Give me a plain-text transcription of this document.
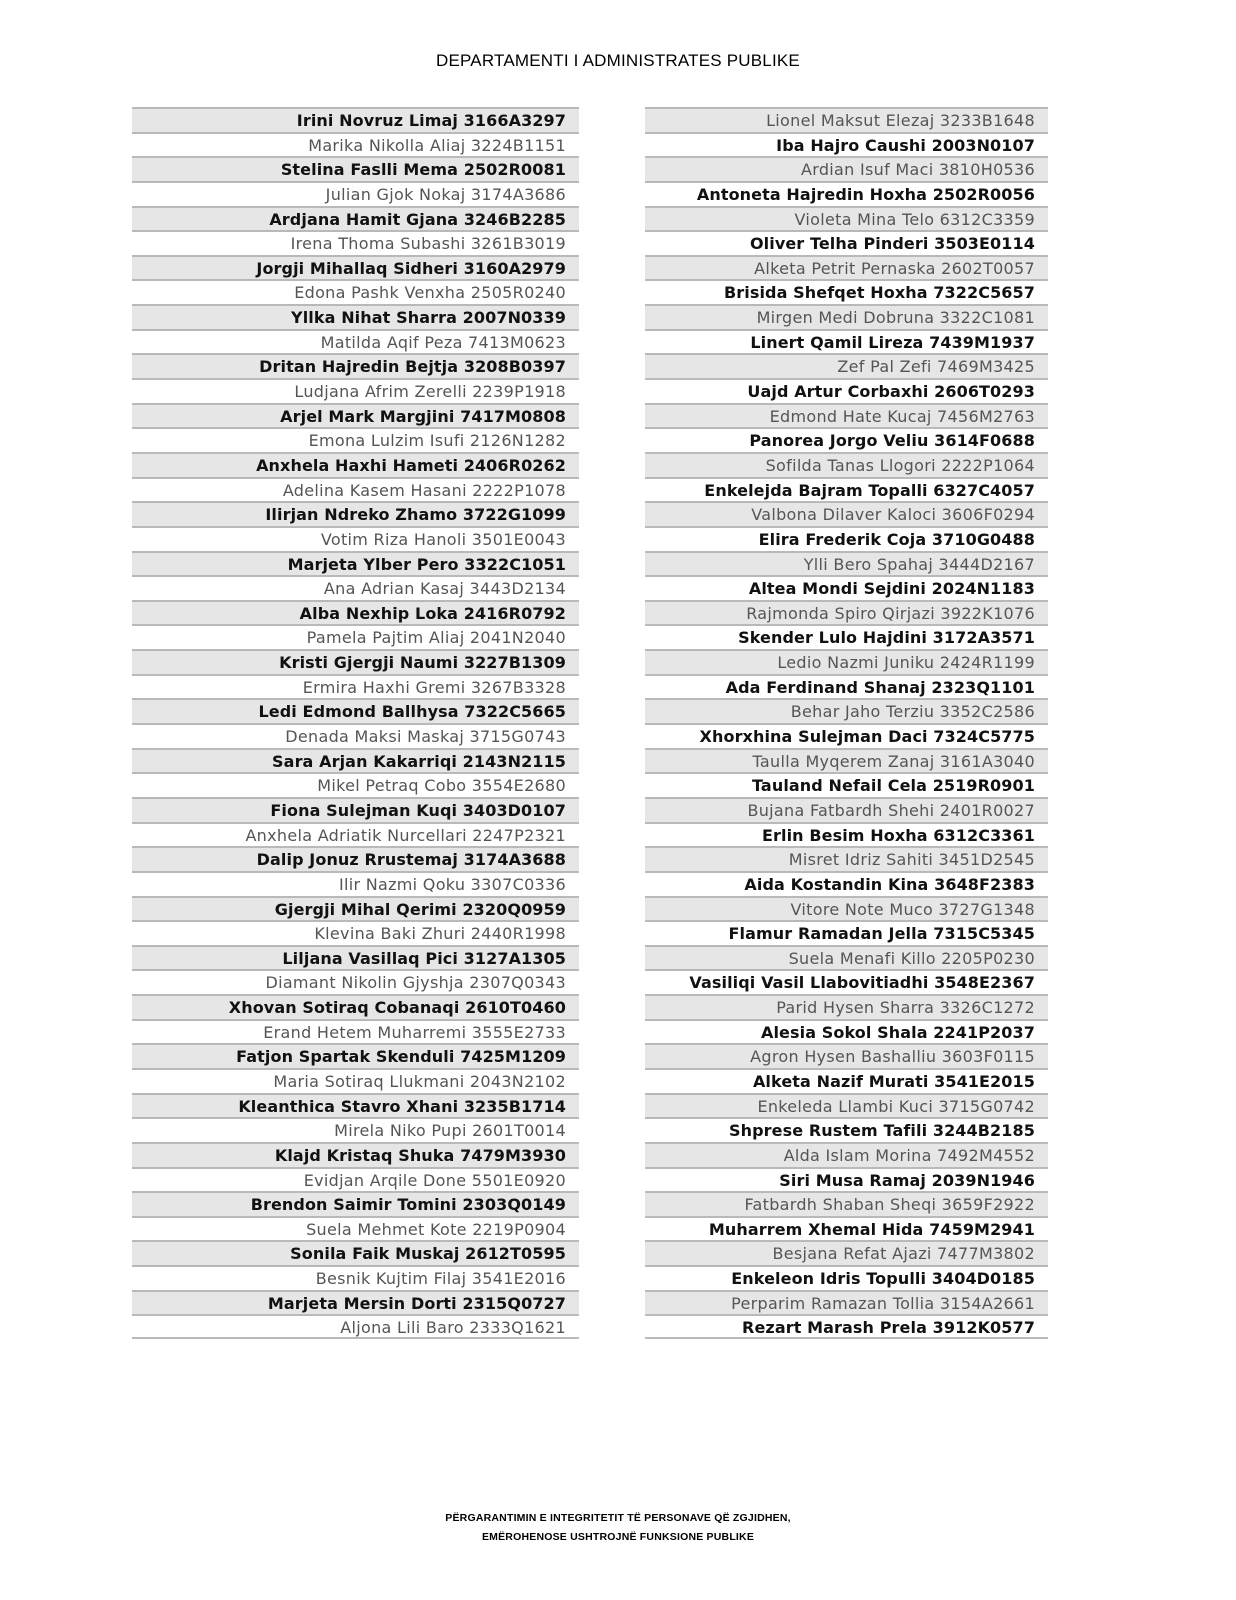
DEPARTAMENTI I ADMINISTRATES PUBLIKE
Irini Novruz Limaj 3166A3297
Marika Nikolla Aliaj 3224B1151
Stelina Faslli Mema 2502R0081
Julian Gjok Nokaj 3174A3686
Ardjana Hamit Gjana 3246B2285
Irena Thoma Subashi 3261B3019
Jorgji Mihallaq Sidheri 3160A2979
Edona Pashk Venxha 2505R0240
Yllka Nihat Sharra 2007N0339
Matilda Aqif Peza 7413M0623
Dritan Hajredin Bejtja 3208B0397
Ludjana Afrim Zerelli 2239P1918
Arjel Mark Margjini 7417M0808
Emona Lulzim Isufi 2126N1282
Anxhela Haxhi Hameti 2406R0262
Adelina Kasem Hasani 2222P1078
Ilirjan Ndreko Zhamo 3722G1099
Votim Riza Hanoli 3501E0043
Marjeta Ylber Pero 3322C1051
Ana Adrian Kasaj 3443D2134
Alba Nexhip Loka 2416R0792
Pamela Pajtim Aliaj 2041N2040
Kristi Gjergji Naumi 3227B1309
Ermira Haxhi Gremi 3267B3328
Ledi Edmond Ballhysa 7322C5665
Denada Maksi Maskaj 3715G0743
Sara Arjan Kakarriqi 2143N2115
Mikel Petraq Cobo 3554E2680
Fiona Sulejman Kuqi 3403D0107
Anxhela Adriatik Nurcellari 2247P2321
Dalip Jonuz Rrustemaj 3174A3688
Ilir Nazmi Qoku 3307C0336
Gjergji Mihal Qerimi 2320Q0959
Klevina Baki Zhuri 2440R1998
Liljana Vasillaq Pici 3127A1305
Diamant Nikolin Gjyshja 2307Q0343
Xhovan Sotiraq Cobanaqi 2610T0460
Erand Hetem Muharremi 3555E2733
Fatjon Spartak Skenduli 7425M1209
Maria Sotiraq Llukmani 2043N2102
Kleanthica Stavro Xhani 3235B1714
Mirela Niko Pupi 2601T0014
Klajd Kristaq Shuka 7479M3930
Evidjan Arqile Done 5501E0920
Brendon Saimir Tomini 2303Q0149
Suela Mehmet Kote 2219P0904
Sonila Faik Muskaj 2612T0595
Besnik Kujtim Filaj 3541E2016
Marjeta Mersin Dorti 2315Q0727
Aljona Lili Baro 2333Q1621
Lionel Maksut Elezaj 3233B1648
Iba Hajro Caushi 2003N0107
Ardian Isuf Maci 3810H0536
Antoneta Hajredin Hoxha 2502R0056
Violeta Mina Telo 6312C3359
Oliver Telha Pinderi 3503E0114
Alketa Petrit Pernaska 2602T0057
Brisida Shefqet Hoxha 7322C5657
Mirgen Medi Dobruna 3322C1081
Linert Qamil Lireza 7439M1937
Zef Pal Zefi 7469M3425
Uajd Artur Corbaxhi 2606T0293
Edmond Hate Kucaj 7456M2763
Panorea Jorgo Veliu 3614F0688
Sofilda Tanas Llogori 2222P1064
Enkelejda Bajram Topalli 6327C4057
Valbona Dilaver Kaloci 3606F0294
Elira Frederik Coja 3710G0488
Ylli Bero Spahaj 3444D2167
Altea Mondi Sejdini 2024N1183
Rajmonda Spiro Qirjazi 3922K1076
Skender Lulo Hajdini 3172A3571
Ledio Nazmi Juniku 2424R1199
Ada Ferdinand Shanaj 2323Q1101
Behar Jaho Terziu 3352C2586
Xhorxhina Sulejman Daci 7324C5775
Taulla Myqerem Zanaj 3161A3040
Tauland Nefail Cela 2519R0901
Bujana Fatbardh Shehi 2401R0027
Erlin Besim Hoxha 6312C3361
Misret Idriz Sahiti 3451D2545
Aida Kostandin Kina 3648F2383
Vitore Note Muco 3727G1348
Flamur Ramadan Jella 7315C5345
Suela Menafi Killo 2205P0230
Vasiliqi Vasil Llabovitiadhi 3548E2367
Parid Hysen Sharra 3326C1272
Alesia Sokol Shala 2241P2037
Agron Hysen Bashalliu 3603F0115
Alketa Nazif Murati 3541E2015
Enkeleda Llambi Kuci 3715G0742
Shprese Rustem Tafili 3244B2185
Alda Islam Morina 7492M4552
Siri Musa Ramaj 2039N1946
Fatbardh Shaban Sheqi 3659F2922
Muharrem Xhemal Hida 7459M2941
Besjana Refat Ajazi 7477M3802
Enkeleon Idris Topulli 3404D0185
Perparim Ramazan Tollia 3154A2661
Rezart Marash Prela 3912K0577
PËRGARANTIMIN E INTEGRITETIT TË PERSONAVE QË ZGJIDHEN,
EMËROHENOSE USHTROJNË FUNKSIONE PUBLIKE
